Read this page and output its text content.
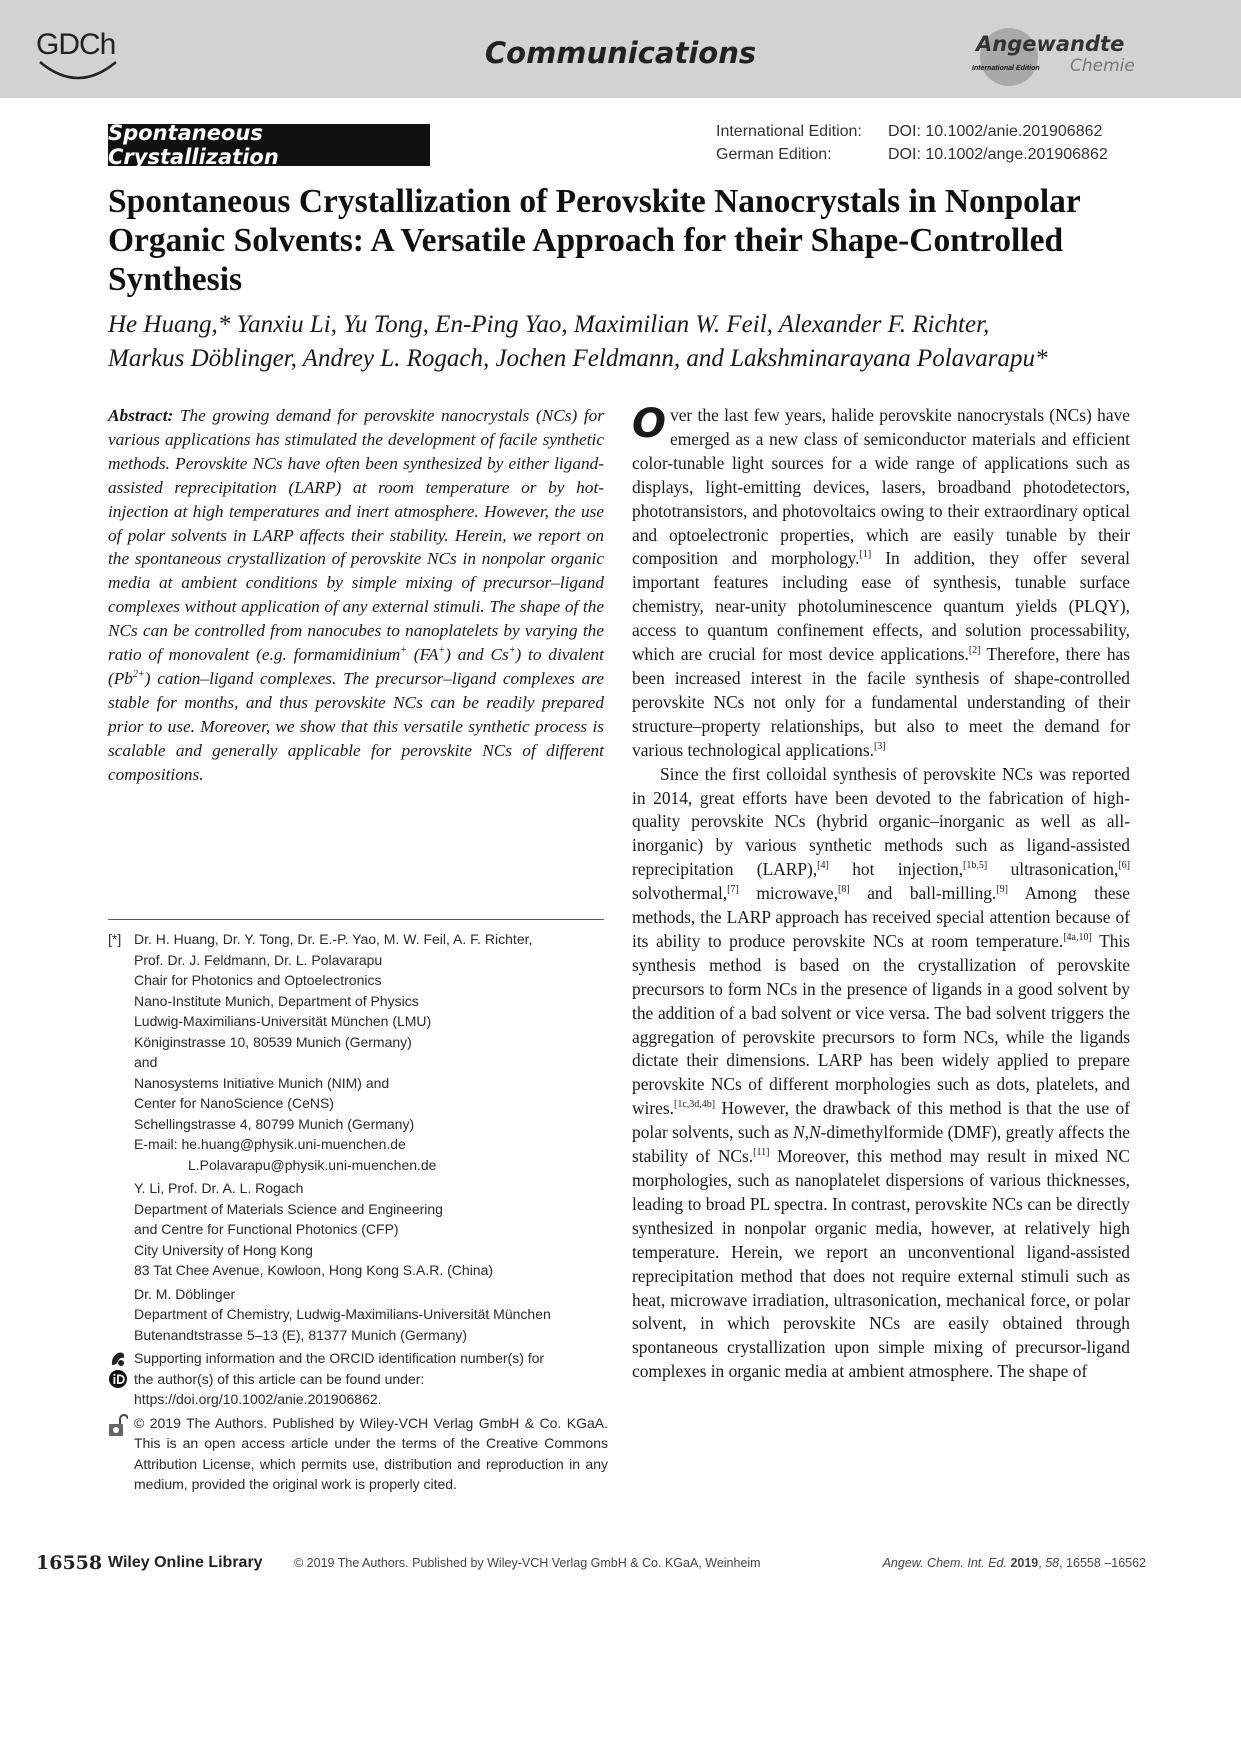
GDCh	Communications	Angewandte
International Edition Chemie
Spontaneous Crystallization
International Edition:	DOI: 10.1002/anie.201906862
German Edition:	DOI: 10.1002/ange.201906862
Spontaneous Crystallization of Perovskite Nanocrystals in Nonpolar Organic Solvents: A Versatile Approach for their Shape-Controlled Synthesis
He Huang,* Yanxiu Li, Yu Tong, En-Ping Yao, Maximilian W. Feil, Alexander F. Richter,
Markus Döblinger, Andrey L. Rogach, Jochen Feldmann, and Lakshminarayana Polavarapu*
Abstract: The growing demand for perovskite nanocrystals (NCs) for various applications has stimulated the development of facile synthetic methods. Perovskite NCs have often been synthesized by either ligand-assisted reprecipitation (LARP) at room temperature or by hot-injection at high temperatures and inert atmosphere. However, the use of polar solvents in LARP affects their stability. Herein, we report on the spontaneous crystallization of perovskite NCs in nonpolar organic media at ambient conditions by simple mixing of precursor–ligand complexes without application of any external stimuli. The shape of the NCs can be controlled from nanocubes to nanoplatelets by varying the ratio of monovalent (e.g. formamidinium+ (FA+) and Cs+) to divalent $(Pb^{2+})$ cation–ligand complexes. The precursor–ligand complexes are stable for months, and thus perovskite NCs can be readily prepared prior to use. Moreover, we show that this versatile synthetic process is scalable and generally applicable for perovskite NCs of different compositions.
[*] Dr. H. Huang, Dr. Y. Tong, Dr. E.-P. Yao, M. W. Feil, A. F. Richter,
Prof. Dr. J. Feldmann, Dr. L. Polavarapu
Chair for Photonics and Optoelectronics
Nano-Institute Munich, Department of Physics
Ludwig-Maximilians-Universität München (LMU)
Königinstrasse 10, 80539 Munich (Germany)
and
Nanosystems Initiative Munich (NIM) and
Center for NanoScience (CeNS)
Schellingstrasse 4, 80799 Munich (Germany)
E-mail: he.huang@physik.uni-muenchen.de
L.Polavarapu@physik.uni-muenchen.de
Y. Li, Prof. Dr. A. L. Rogach
Department of Materials Science and Engineering
and Centre for Functional Photonics (CFP)
City University of Hong Kong
83 Tat Chee Avenue, Kowloon, Hong Kong S.A.R. (China)
Dr. M. Döblinger
Department of Chemistry, Ludwig-Maximilians-Universität München
Butenandtstrasse 5–13 (E), 81377 Munich (Germany)
Supporting information and the ORCID identification number(s) for
the author(s) of this article can be found under:
https://doi.org/10.1002/anie.201906862.
© 2019 The Authors. Published by Wiley-VCH Verlag GmbH & Co. KGaA. This is an open access article under the terms of the Creative Commons Attribution License, which permits use, distribution and reproduction in any medium, provided the original work is properly cited.

Over the last few years, halide perovskite nanocrystals (NCs) have emerged as a new class of semiconductor materials and efficient color-tunable light sources for a wide range of applications such as displays, light-emitting devices, lasers, broadband photodetectors, phototransistors, and photovoltaics owing to their extraordinary optical and optoelectronic properties, which are easily tunable by their composition and morphology.[1] In addition, they offer several important features including ease of synthesis, tunable surface chemistry, near-unity photoluminescence quantum yields (PLQY), access to quantum confinement effects, and solution processability, which are crucial for most device applications.[2] Therefore, there has been increased interest in the facile synthesis of shape-controlled perovskite NCs not only for a fundamental understanding of their structure–property relationships, but also to meet the demand for various technological applications.[3]

Since the first colloidal synthesis of perovskite NCs was reported in 2014, great efforts have been devoted to the fabrication of high-quality perovskite NCs (hybrid organic–inorganic as well as all-inorganic) by various synthetic methods such as ligand-assisted reprecipitation (LARP),[4] hot injection,[1b,5] ultrasonication,[6] solvothermal,[7] microwave,[8] and ball-milling.[9] Among these methods, the LARP approach has received special attention because of its ability to produce perovskite NCs at room temperature.[4a,10] This synthesis method is based on the crystallization of perovskite precursors to form NCs in the presence of ligands in a good solvent by the addition of a bad solvent or vice versa. The bad solvent triggers the aggregation of perovskite precursors to form NCs, while the ligands dictate their dimensions. LARP has been widely applied to prepare perovskite NCs of different morphologies such as dots, platelets, and wires.[1c,3d,4b] However, the drawback of this method is that the use of polar solvents, such as N,N-dimethylformide (DMF), greatly affects the stability of NCs.[11] Moreover, this method may result in mixed NC morphologies, such as nanoplatelet dispersions of various thicknesses, leading to broad PL spectra. In contrast, perovskite NCs can be directly synthesized in nonpolar organic media, however, at relatively high temperature. Herein, we report an unconventional ligand-assisted reprecipitation method that does not require external stimuli such as heat, microwave irradiation, ultrasonication, mechanical force, or polar solvent, in which perovskite NCs are easily obtained through spontaneous crystallization upon simple mixing of precursor-ligand complexes in organic media at ambient atmosphere. The shape of

16558 Wiley Online Library	© 2019 The Authors. Published by Wiley-VCH Verlag GmbH & Co. KGaA, Weinheim	Angew. Chem. Int. Ed. 2019, 58, 16558 –16562
